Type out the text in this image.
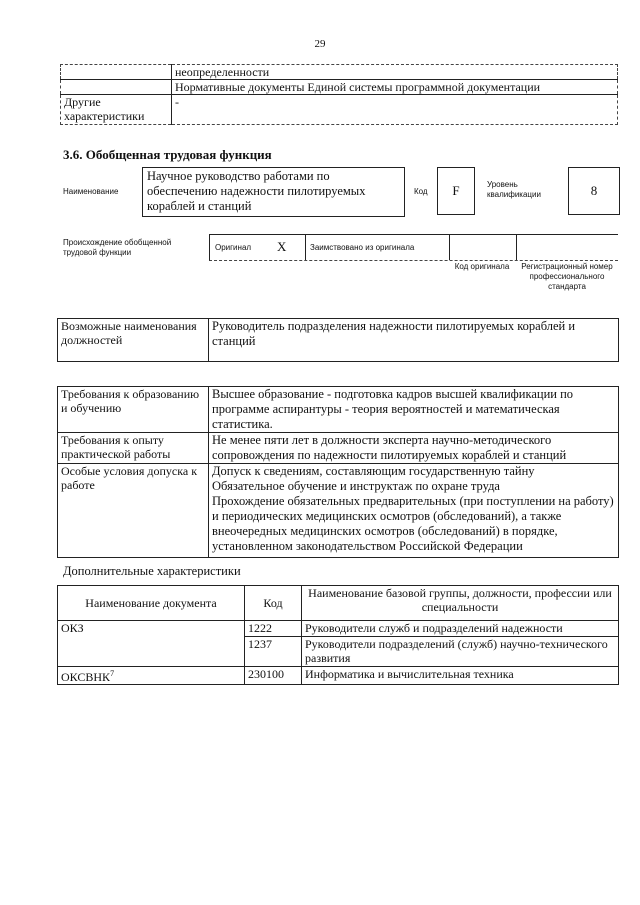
29
	неопределенности
	Нормативные документы Единой системы программной документации
Другие характеристики	-
3.6. Обобщенная трудовая функция
Наименование
Научное руководство работами по обеспечению надежности пилотируемых кораблей и станций
Код	F	Уровень квалификации	8
Происхождение обобщенной трудовой функции
Оригинал X	Заимствовано из оригинала
Код оригинала	Регистрационный номер профессионального стандарта
Возможные наименования должностей	Руководитель подразделения надежности пилотируемых кораблей и станций
Требования к образованию и обучению	Высшее образование - подготовка кадров высшей квалификации по программе аспирантуры - теория вероятностей и математическая статистика.
Требования к опыту практической работы	Не менее пяти лет в должности эксперта научно-методического сопровождения по надежности пилотируемых кораблей и станций
Особые условия допуска к работе	Допуск к сведениям, составляющим государственную тайну
Обязательное обучение и инструктаж по охране труда
Прохождение обязательных предварительных (при поступлении на работу) и периодических медицинских осмотров (обследований), а также внеочередных медицинских осмотров (обследований) в порядке, установленном законодательством Российской Федерации
Дополнительные характеристики
Наименование документа	Код	Наименование базовой группы, должности, профессии или специальности
ОКЗ	1222	Руководители служб и подразделений надежности
	1237	Руководители подразделений (служб) научно-технического развития
ОКСВНК$^7$	230100	Информатика и вычислительная техника
